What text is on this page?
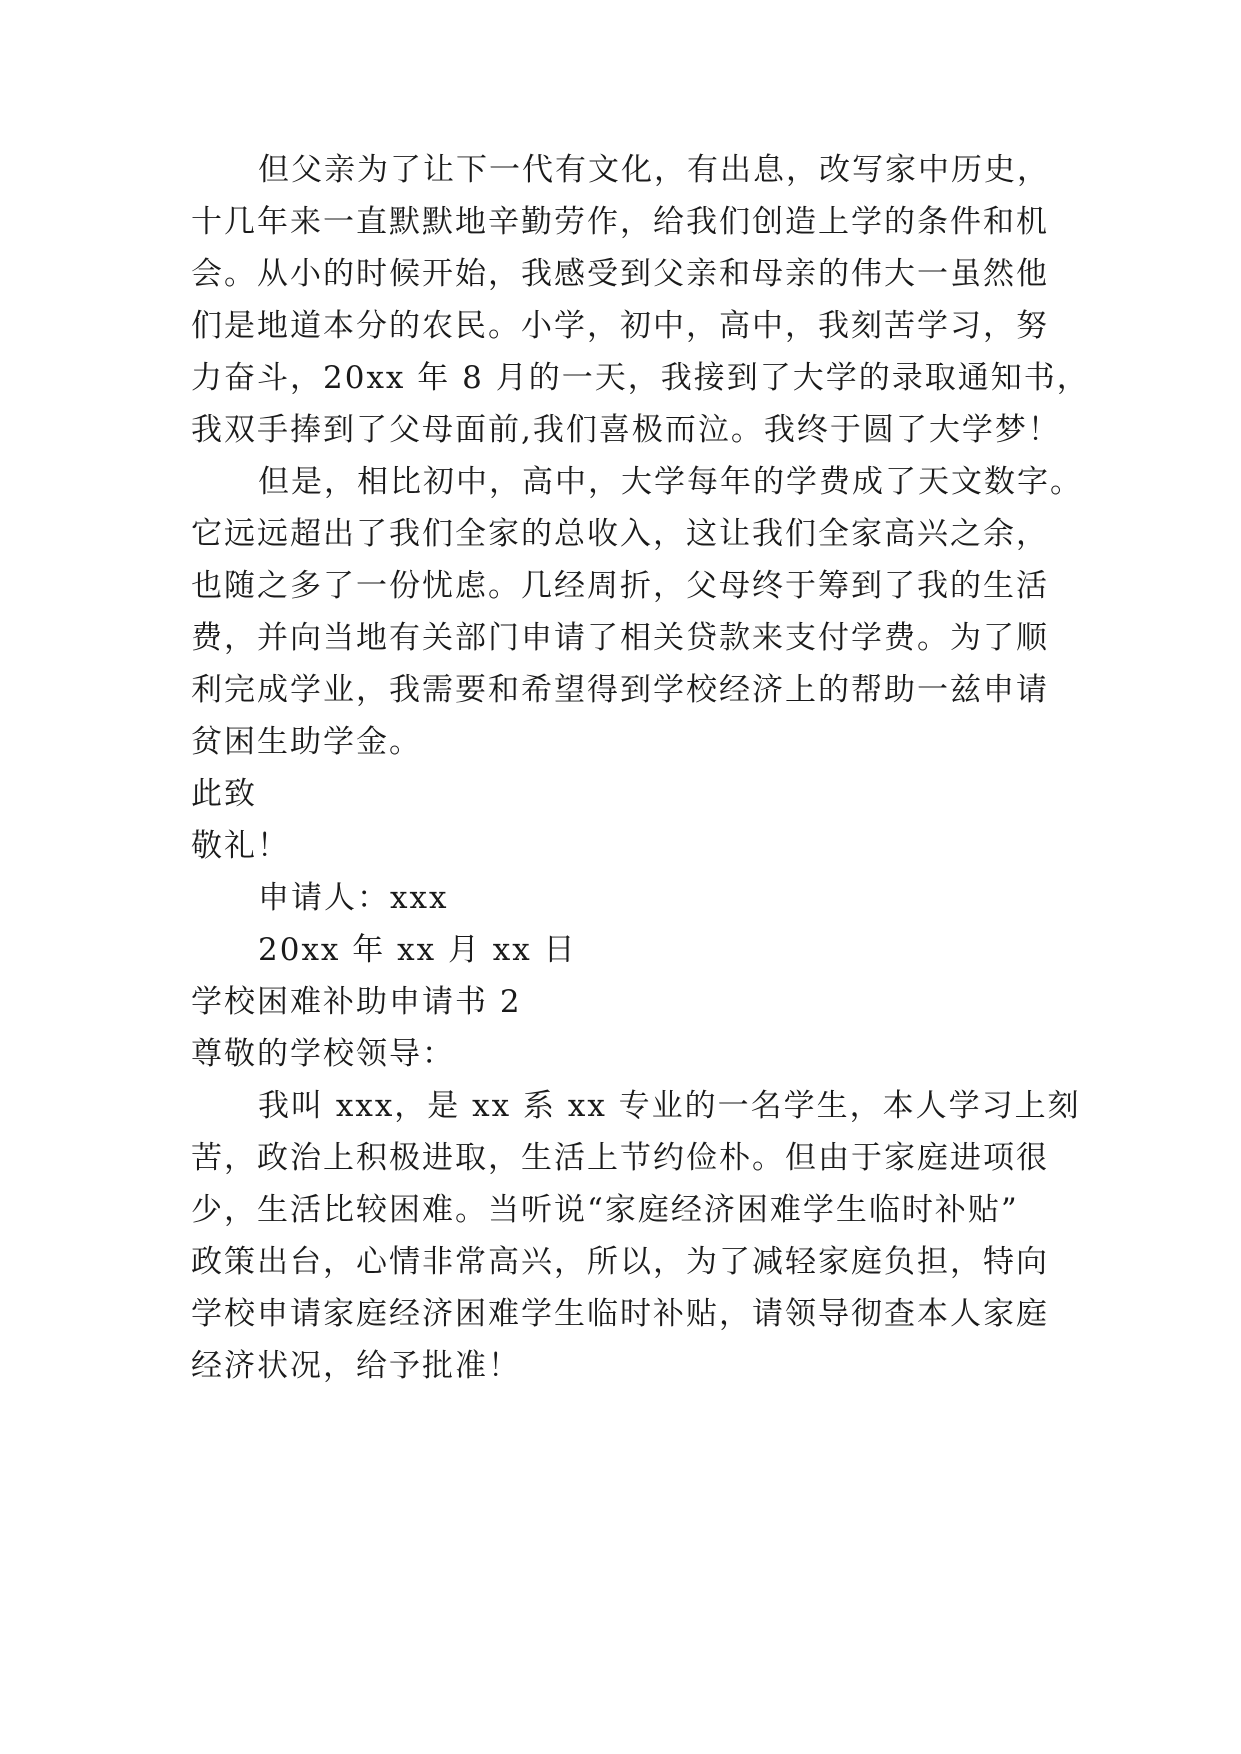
但父亲为了让下一代有文化，有出息，改写家中历史，
十几年来一直默默地辛勤劳作，给我们创造上学的条件和机
会。从小的时候开始，我感受到父亲和母亲的伟大一虽然他
们是地道本分的农民。小学，初中，高中，我刻苦学习，努
力奋斗，20xx 年 8 月的一天，我接到了大学的录取通知书，
我双手捧到了父母面前,我们喜极而泣。我终于圆了大学梦！
但是，相比初中，高中，大学每年的学费成了天文数字。
它远远超出了我们全家的总收入，这让我们全家高兴之余，
也随之多了一份忧虑。几经周折，父母终于筹到了我的生活
费，并向当地有关部门申请了相关贷款来支付学费。为了顺
利完成学业，我需要和希望得到学校经济上的帮助一兹申请
贫困生助学金。
此致
敬礼！
申请人：xxx
20xx 年 xx 月 xx 日
学校困难补助申请书 2
尊敬的学校领导：
我叫 xxx，是 xx 系 xx 专业的一名学生，本人学习上刻
苦，政治上积极进取，生活上节约俭朴。但由于家庭进项很
少，生活比较困难。当听说“家庭经济困难学生临时补贴”
政策出台，心情非常高兴，所以，为了减轻家庭负担，特向
学校申请家庭经济困难学生临时补贴，请领导彻查本人家庭
经济状况，给予批准！
